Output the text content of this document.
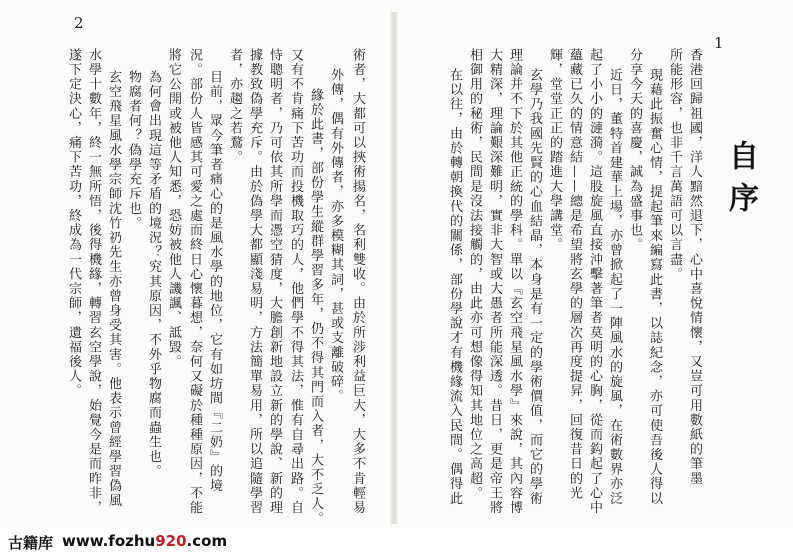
2
術者，大都可以挾術揚名，名利雙收。由於所涉利益巨大，大多不肯輕易
外傳，偶有外傳者，亦多模糊其詞，甚或支離破碎。
緣於此書，部份學生縱群學習多年，仍不得其門而入者，大不乏人。
又有不肯痛下苦功而投機取巧的人，他們學不得其法，惟有自尋出路。自
恃聰明者，乃可依其所學而憑空猜度，大膽創新地設立新的學說、新的理
據教致偽學充斥。由於偽學大都顯淺易明，方法簡單易用，所以追隨學習
者，亦趨之若鶩。
目前，眾今筆者痛心的是風水學的地位，它有如坊間『二奶』的境
況。部份人皆感其可愛之處而終日心懷暮想，奈何又礙於種種原因，不能
將它公開或被他人知悉，恐妨被他人譏諷、詆毀。
為何會出現這等矛盾的境況？究其原因，不外乎物腐而蟲生也。
物腐者何？偽學充斥也。
玄空飛星風水學宗師沈竹礽先生亦曾身受其害。他表示曾經學習偽風
水學十數年，終一無所悟，後得機緣，轉習玄空學說，始覺今是而昨非，
遂下定決心，痛下苦功，終成為一代宗師，遺福後人。
1
自序
香港回歸祖國，洋人黯然退下，心中喜悅情懷，又豈可用數紙的筆墨
所能形容，也非千言萬語可以言盡。
現藉此振奮心情，提起筆來編寫此書，以誌紀念，亦可使吾後人得以
分享今天的喜慶，誠為盛事也。
近日，董特首建華上場，亦曾掀起了一陣風水的旋風，在術數界亦泛
起了小小的漣漪。這股旋風直接沖擊著筆者莫明的心胸，從而鈎起了心中
蘊藏已久的情意結——總是希望將玄學的層次再度提昇，回復昔日的光
輝，堂堂正正的踏進大學講堂。
玄學乃我國先賢的心血結晶，本身是有一定的學術價值，而它的學術
理論并不下於其他正統的學科。單以『玄空飛星風水學』來說，其內容博
大精深，理論艱深難明，實非大智或大愚者所能深透。昔日，更是帝王將
相御用的秘術，民間是沒法接觸的，由此亦可想像得知其地位之高超。
在以往，由於轉朝換代的關係，部份學說才有機緣流入民間。偶得此
古籍库 www.fozhu920.com
